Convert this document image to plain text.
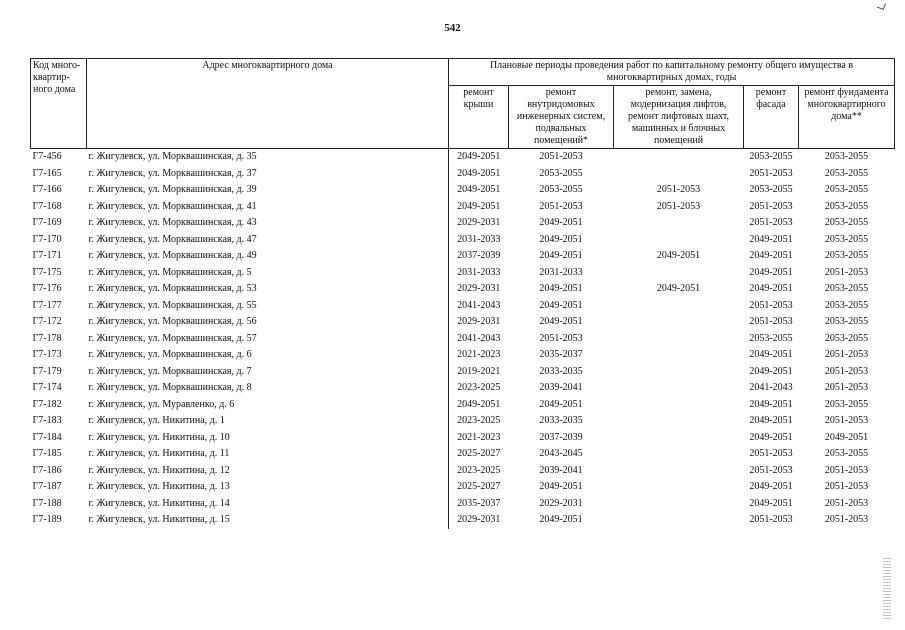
542
Код много-
квартир-
ного дома	Адрес многоквартирного дома	Плановые периоды проведения работ по капитальному ремонту общего имущества в многоквартирных домах, годы				
		ремонт крыши	ремонт внутридомовых инженерных систем, подвальных помещений*	ремонт, замена, модернизация лифтов, ремонт лифтовых шахт, машинных и блочных помещений	ремонт фасада	ремонт фундамента многоквартирного дома**
Г7-456	г. Жигулевск, ул. Морквашинская, д. 35	2049-2051	2051-2053		2053-2055	2053-2055
Г7-165	г. Жигулевск, ул. Морквашинская, д. 37	2049-2051	2053-2055		2051-2053	2053-2055
Г7-166	г. Жигулевск, ул. Морквашинская, д. 39	2049-2051	2053-2055	2051-2053	2053-2055	2053-2055
Г7-168	г. Жигулевск, ул. Морквашинская, д. 41	2049-2051	2051-2053	2051-2053	2051-2053	2053-2055
Г7-169	г. Жигулевск, ул. Морквашинская, д. 43	2029-2031	2049-2051		2051-2053	2053-2055
Г7-170	г. Жигулевск, ул. Морквашинская, д. 47	2031-2033	2049-2051		2049-2051	2053-2055
Г7-171	г. Жигулевск, ул. Морквашинская, д. 49	2037-2039	2049-2051	2049-2051	2049-2051	2053-2055
Г7-175	г. Жигулевск, ул. Морквашинская, д. 5	2031-2033	2031-2033		2049-2051	2051-2053
Г7-176	г. Жигулевск, ул. Морквашинская, д. 53	2029-2031	2049-2051	2049-2051	2049-2051	2053-2055
Г7-177	г. Жигулевск, ул. Морквашинская, д. 55	2041-2043	2049-2051		2051-2053	2053-2055
Г7-172	г. Жигулевск, ул. Морквашинская, д. 56	2029-2031	2049-2051		2051-2053	2053-2055
Г7-178	г. Жигулевск, ул. Морквашинская, д. 57	2041-2043	2051-2053		2053-2055	2053-2055
Г7-173	г. Жигулевск, ул. Морквашинская, д. 6	2021-2023	2035-2037		2049-2051	2051-2053
Г7-179	г. Жигулевск, ул. Морквашинская, д. 7	2019-2021	2033-2035		2049-2051	2051-2053
Г7-174	г. Жигулевск, ул. Морквашинская, д. 8	2023-2025	2039-2041		2041-2043	2051-2053
Г7-182	г. Жигулевск, ул. Муравленко, д. 6	2049-2051	2049-2051		2049-2051	2053-2055
Г7-183	г. Жигулевск, ул. Никитина, д. 1	2023-2025	2033-2035		2049-2051	2051-2053
Г7-184	г. Жигулевск, ул. Никитина, д. 10	2021-2023	2037-2039		2049-2051	2049-2051
Г7-185	г. Жигулевск, ул. Никитина, д. 11	2025-2027	2043-2045		2051-2053	2053-2055
Г7-186	г. Жигулевск, ул. Никитина, д. 12	2023-2025	2039-2041		2051-2053	2051-2053
Г7-187	г. Жигулевск, ул. Никитина, д. 13	2025-2027	2049-2051		2049-2051	2051-2053
Г7-188	г. Жигулевск, ул. Никитина, д. 14	2035-2037	2029-2031		2049-2051	2051-2053
Г7-189	г. Жигулевск, ул. Никитина, д. 15	2029-2031	2049-2051		2051-2053	2051-2053
